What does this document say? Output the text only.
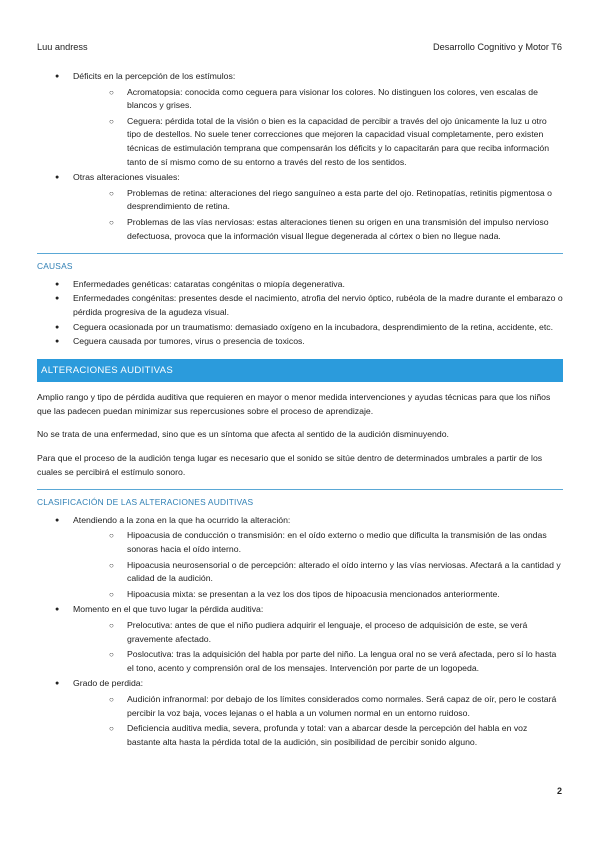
Luu andress	Desarrollo Cognitivo y Motor T6
● Déficits en la percepción de los estímulos:
○ Acromatopsia: conocida como ceguera para visionar los colores. No distinguen los colores, ven escalas de blancos y grises.
○ Ceguera: pérdida total de la visión o bien es la capacidad de percibir a través del ojo únicamente la luz u otro tipo de destellos. No suele tener correcciones que mejoren la capacidad visual completamente, pero existen técnicas de estimulación temprana que compensarán los déficits y lo capacitarán para que reciba información tanto de sí mismo como de su entorno a través del resto de los sentidos.
● Otras alteraciones visuales:
○ Problemas de retina: alteraciones del riego sanguíneo a esta parte del ojo. Retinopatías, retinitis pigmentosa o desprendimiento de retina.
○ Problemas de las vías nerviosas: estas alteraciones tienen su origen en una transmisión del impulso nervioso defectuosa, provoca que la información visual llegue degenerada al córtex o bien no llegue nada.
CAUSAS
● Enfermedades genéticas: cataratas congénitas o miopía degenerativa.
● Enfermedades congénitas: presentes desde el nacimiento, atrofia del nervio óptico, rubéola de la madre durante el embarazo o pérdida progresiva de la agudeza visual.
● Ceguera ocasionada por un traumatismo: demasiado oxígeno en la incubadora, desprendimiento de la retina, accidente, etc.
● Ceguera causada por tumores, virus o presencia de toxicos.
ALTERACIONES AUDITIVAS

Amplio rango y tipo de pérdida auditiva que requieren en mayor o menor medida intervenciones y ayudas técnicas para que los niños que las padecen puedan minimizar sus repercusiones sobre el proceso de aprendizaje.

No se trata de una enfermedad, sino que es un síntoma que afecta al sentido de la audición disminuyendo.

Para que el proceso de la audición tenga lugar es necesario que el sonido se sitúe dentro de determinados umbrales a partir de los cuales se percibirá el estímulo sonoro.

CLASIFICACIÓN DE LAS ALTERACIONES AUDITIVAS
● Atendiendo a la zona en la que ha ocurrido la alteración:
○ Hipoacusia de conducción o transmisión: en el oído externo o medio que dificulta la transmisión de las ondas sonoras hacia el oído interno.
○ Hipoacusia neurosensorial o de percepción: alterado el oído interno y las vías nerviosas. Afectará a la cantidad y calidad de la audición.
○ Hipoacusia mixta: se presentan a la vez los dos tipos de hipoacusia mencionados anteriormente.
● Momento en el que tuvo lugar la pérdida auditiva:
○ Prelocutiva: antes de que el niño pudiera adquirir el lenguaje, el proceso de adquisición de este, se verá gravemente afectado.
○ Poslocutiva: tras la adquisición del habla por parte del niño. La lengua oral no se verá afectada, pero sí lo hasta el tono, acento y comprensión oral de los mensajes. Intervención por parte de un logopeda.
● Grado de perdida:
○ Audición infranormal: por debajo de los límites considerados como normales. Será capaz de oír, pero le costará percibir la voz baja, voces lejanas o el habla a un volumen normal en un entorno ruidoso.
○ Deficiencia auditiva media, severa, profunda y total: van a abarcar desde la percepción del habla en voz bastante alta hasta la pérdida total de la audición, sin posibilidad de percibir sonido alguno.
2
